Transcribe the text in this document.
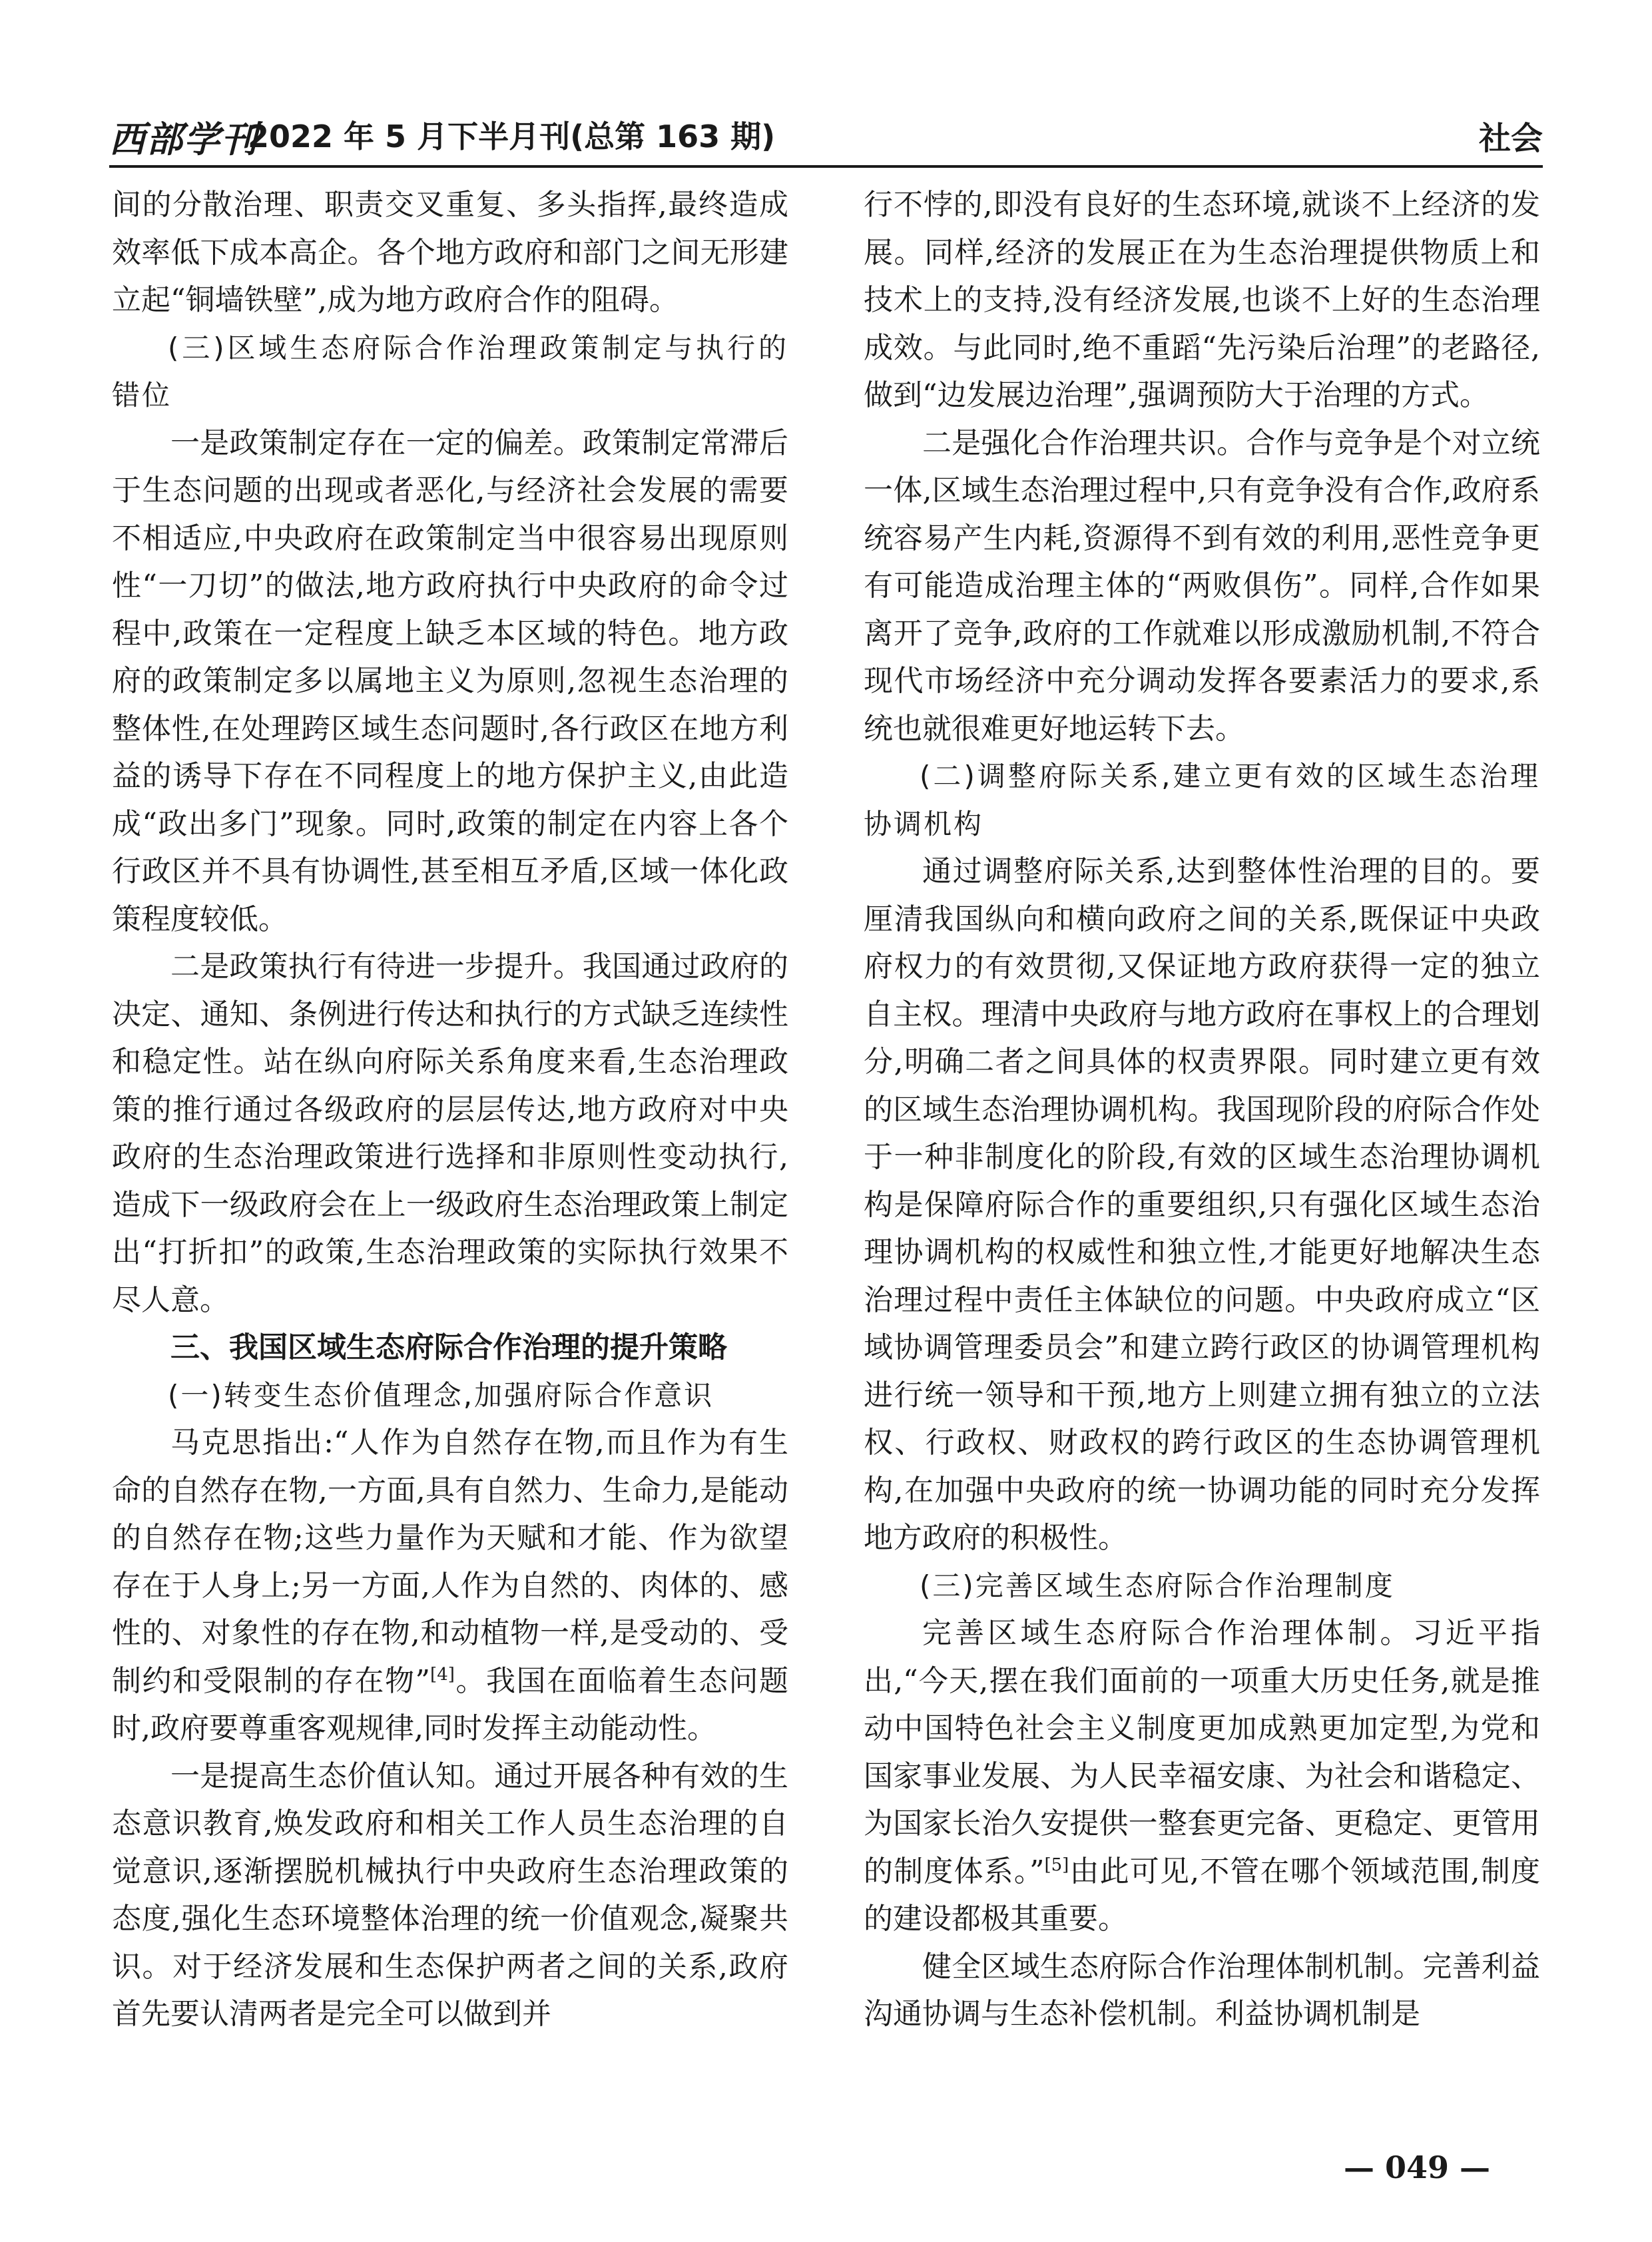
西部学刊
2022 年 5 月下半月刊(总第 163 期)	社会

间的分散治理、职责交叉重复、多头指挥,最终造成效率低下成本高企。各个地方政府和部门之间无形建立起“铜墙铁壁”,成为地方政府合作的阻碍。

(三)区域生态府际合作治理政策制定与执行的错位

一是政策制定存在一定的偏差。政策制定常滞后于生态问题的出现或者恶化,与经济社会发展的需要不相适应,中央政府在政策制定当中很容易出现原则性“一刀切”的做法,地方政府执行中央政府的命令过程中,政策在一定程度上缺乏本区域的特色。地方政府的政策制定多以属地主义为原则,忽视生态治理的整体性,在处理跨区域生态问题时,各行政区在地方利益的诱导下存在不同程度上的地方保护主义,由此造成“政出多门”现象。同时,政策的制定在内容上各个行政区并不具有协调性,甚至相互矛盾,区域一体化政策程度较低。

二是政策执行有待进一步提升。我国通过政府的决定、通知、条例进行传达和执行的方式缺乏连续性和稳定性。站在纵向府际关系角度来看,生态治理政策的推行通过各级政府的层层传达,地方政府对中央政府的生态治理政策进行选择和非原则性变动执行,造成下一级政府会在上一级政府生态治理政策上制定出“打折扣”的政策,生态治理政策的实际执行效果不尽人意。

三、我国区域生态府际合作治理的提升策略
(一)转变生态价值理念,加强府际合作意识

马克思指出:“人作为自然存在物,而且作为有生命的自然存在物,一方面,具有自然力、生命力,是能动的自然存在物;这些力量作为天赋和才能、作为欲望存在于人身上;另一方面,人作为自然的、肉体的、感性的、对象性的存在物,和动植物一样,是受动的、受制约和受限制的存在物”[4]。我国在面临着生态问题时,政府要尊重客观规律,同时发挥主动能动性。

一是提高生态价值认知。通过开展各种有效的生态意识教育,焕发政府和相关工作人员生态治理的自觉意识,逐渐摆脱机械执行中央政府生态治理政策的态度,强化生态环境整体治理的统一价值观念,凝聚共识。对于经济发展和生态保护两者之间的关系,政府首先要认清两者是完全可以做到并

行不悖的,即没有良好的生态环境,就谈不上经济的发展。同样,经济的发展正在为生态治理提供物质上和技术上的支持,没有经济发展,也谈不上好的生态治理成效。与此同时,绝不重蹈“先污染后治理”的老路径,做到“边发展边治理”,强调预防大于治理的方式。

二是强化合作治理共识。合作与竞争是个对立统一体,区域生态治理过程中,只有竞争没有合作,政府系统容易产生内耗,资源得不到有效的利用,恶性竞争更有可能造成治理主体的“两败俱伤”。同样,合作如果离开了竞争,政府的工作就难以形成激励机制,不符合现代市场经济中充分调动发挥各要素活力的要求,系统也就很难更好地运转下去。

(二)调整府际关系,建立更有效的区域生态治理协调机构

通过调整府际关系,达到整体性治理的目的。要厘清我国纵向和横向政府之间的关系,既保证中央政府权力的有效贯彻,又保证地方政府获得一定的独立自主权。理清中央政府与地方政府在事权上的合理划分,明确二者之间具体的权责界限。同时建立更有效的区域生态治理协调机构。我国现阶段的府际合作处于一种非制度化的阶段,有效的区域生态治理协调机构是保障府际合作的重要组织,只有强化区域生态治理协调机构的权威性和独立性,才能更好地解决生态治理过程中责任主体缺位的问题。中央政府成立“区域协调管理委员会”和建立跨行政区的协调管理机构进行统一领导和干预,地方上则建立拥有独立的立法权、行政权、财政权的跨行政区的生态协调管理机构,在加强中央政府的统一协调功能的同时充分发挥地方政府的积极性。

(三)完善区域生态府际合作治理制度

完善区域生态府际合作治理体制。习近平指出,“今天,摆在我们面前的一项重大历史任务,就是推动中国特色社会主义制度更加成熟更加定型,为党和国家事业发展、为人民幸福安康、为社会和谐稳定、为国家长治久安提供一整套更完备、更稳定、更管用的制度体系。”[5]由此可见,不管在哪个领域范围,制度的建设都极其重要。

健全区域生态府际合作治理体制机制。完善利益沟通协调与生态补偿机制。利益协调机制是

— 049 —
